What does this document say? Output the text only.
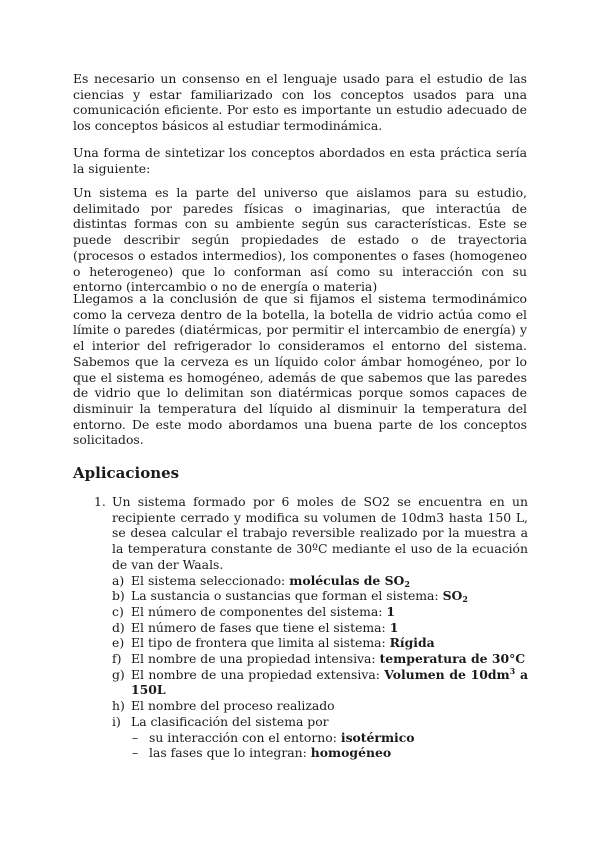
Es necesario un consenso en el lenguaje usado para el estudio de las ciencias y estar familiarizado con los conceptos usados para una comunicación eficiente. Por esto es importante un estudio adecuado de los conceptos básicos al estudiar termodinámica.

Una forma de sintetizar los conceptos abordados en esta práctica sería la siguiente:

Un sistema es la parte del universo que aislamos para su estudio, delimitado por paredes físicas o imaginarias, que interactúa de distintas formas con su ambiente según sus características. Este se puede describir según propiedades de estado o de trayectoria (procesos o estados intermedios), los componentes o fases (homogeneo o heterogeneo) que lo conforman así como su interacción con su entorno (intercambio o no de energía o materia)

Llegamos a la conclusión de que si fijamos el sistema termodinámico como la cerveza dentro de la botella, la botella de vidrio actúa como el límite o paredes (diatérmicas, por permitir el intercambio de energía) y el interior del refrigerador lo consideramos el entorno del sistema. Sabemos que la cerveza es un líquido color ámbar homogéneo, por lo que el sistema es homogéneo, además de que sabemos que las paredes de vidrio que lo delimitan son diatérmicas porque somos capaces de disminuir la temperatura del líquido al disminuir la temperatura del entorno. De este modo abordamos una buena parte de los conceptos solicitados.

Aplicaciones
1. Un sistema formado por 6 moles de SO2 se encuentra en un recipiente cerrado y modifica su volumen de 10dm3 hasta 150 L, se desea calcular el trabajo reversible realizado por la muestra a la temperatura constante de 30ºC mediante el uso de la ecuación de van der Waals.
a) El sistema seleccionado: moléculas de $SO_2$
b) La sustancia o sustancias que forman el sistema: $SO_2$
c) El número de componentes del sistema: 1
d) El número de fases que tiene el sistema: 1
e) El tipo de frontera que limita al sistema: Rígida
f) El nombre de una propiedad intensiva: temperatura de 30°C
g) El nombre de una propiedad extensiva: Volumen de $10dm^3$ a 150L
h) El nombre del proceso realizado
i) La clasificación del sistema por
– su interacción con el entorno: isotérmico
– las fases que lo integran: homogéneo
